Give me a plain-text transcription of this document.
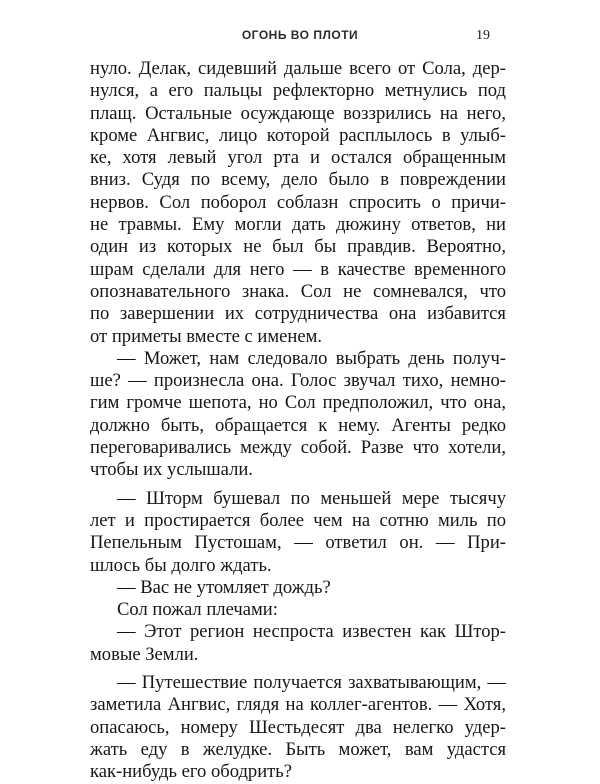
ОГОНЬ ВО ПЛОТИ	19
нуло. Делак, сидевший дальше всего от Сола, дер-
нулся, а его пальцы рефлекторно метнулись под
плащ. Остальные осуждающе воззрились на него,
кроме Ангвис, лицо которой расплылось в улыб-
ке, хотя левый угол рта и остался обращенным
вниз. Судя по всему, дело было в повреждении
нервов. Сол поборол соблазн спросить о причи-
не травмы. Ему могли дать дюжину ответов, ни
один из которых не был бы правдив. Вероятно,
шрам сделали для него — в качестве временного
опознавательного знака. Сол не сомневался, что
по завершении их сотрудничества она избавится
от приметы вместе с именем.
— Может, нам следовало выбрать день получ-
ше? — произнесла она. Голос звучал тихо, немно-
гим громче шепота, но Сол предположил, что она,
должно быть, обращается к нему. Агенты редко
переговаривались между собой. Разве что хотели,
чтобы их услышали.
— Шторм бушевал по меньшей мере тысячу
лет и простирается более чем на сотню миль по
Пепельным Пустошам, — ответил он. — При-
шлось бы долго ждать.
— Вас не утомляет дождь?
Сол пожал плечами:
— Этот регион неспроста известен как Штор-
мовые Земли.
— Путешествие получается захватывающим, —
заметила Ангвис, глядя на коллег-агентов. — Хотя,
опасаюсь, номеру Шестьдесят два нелегко удер-
жать еду в желудке. Быть может, вам удастся
как-нибудь его ободрить?
